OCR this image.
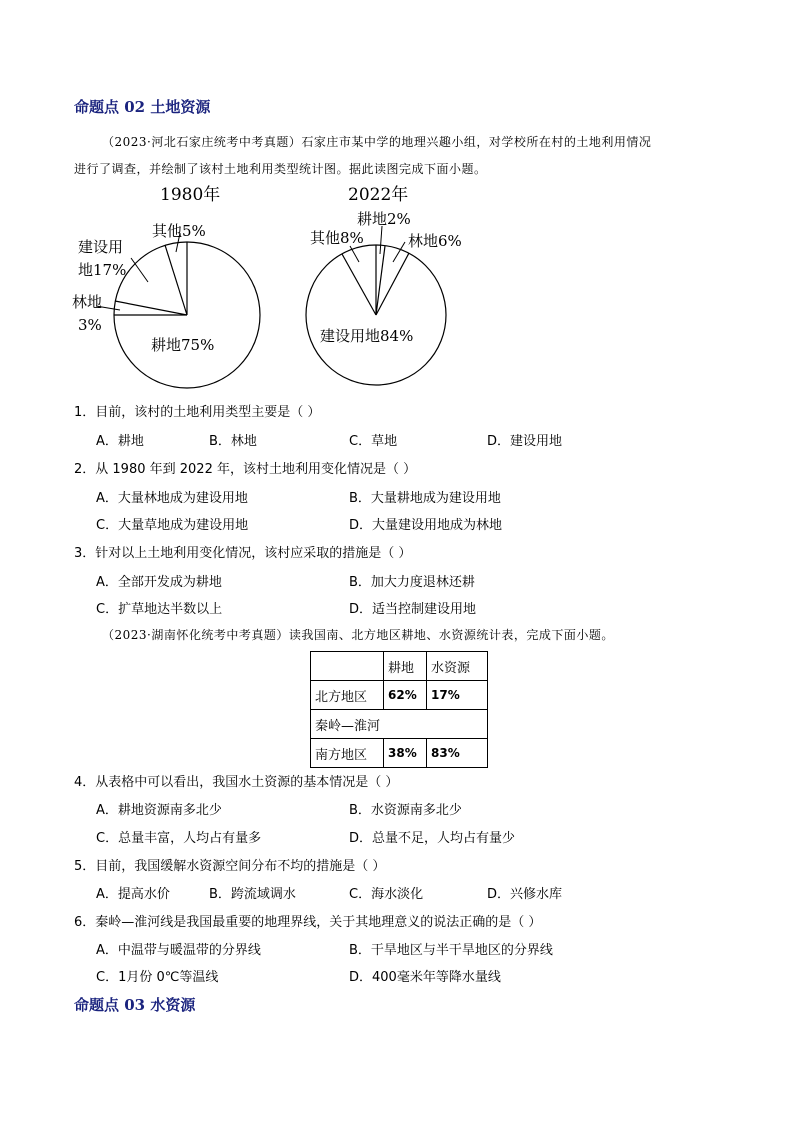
命题点 02 土地资源
（2023·河北石家庄统考中考真题）石家庄市某中学的地理兴趣小组，对学校所在村的土地利用情况
进行了调查，并绘制了该村土地利用类型统计图。据此读图完成下面小题。
1980年
其他5%
建设用
地17%
林地
3%
耕地75%
2022年
耕地2%
其他8%	林地6%
建设用地84%
1．目前，该村的土地利用类型主要是（ ）
A．耕地	B．林地	C．草地	D．建设用地
2．从 1980 年到 2022 年，该村土地利用变化情况是（ ）
A．大量林地成为建设用地	B．大量耕地成为建设用地
C．大量草地成为建设用地	D．大量建设用地成为林地
3．针对以上土地利用变化情况，该村应采取的措施是（ ）
A．全部开发成为耕地	B．加大力度退林还耕
C．扩草地达半数以上	D．适当控制建设用地
（2023·湖南怀化统考中考真题）读我国南、北方地区耕地、水资源统计表，完成下面小题。
	耕地	水资源
北方地区	62%	17%
秦岭—淮河		
南方地区	38%	83%
4．从表格中可以看出，我国水土资源的基本情况是（ ）
A．耕地资源南多北少	B．水资源南多北少
C．总量丰富，人均占有量多	D．总量不足，人均占有量少
5．目前，我国缓解水资源空间分布不均的措施是（ ）
A．提高水价	B．跨流域调水	C．海水淡化	D．兴修水库
6．秦岭—淮河线是我国最重要的地理界线，关于其地理意义的说法正确的是（ ）
A．中温带与暖温带的分界线	B．干旱地区与半干旱地区的分界线
C．1月份 0℃等温线	D．400毫米年等降水量线
命题点 03 水资源
